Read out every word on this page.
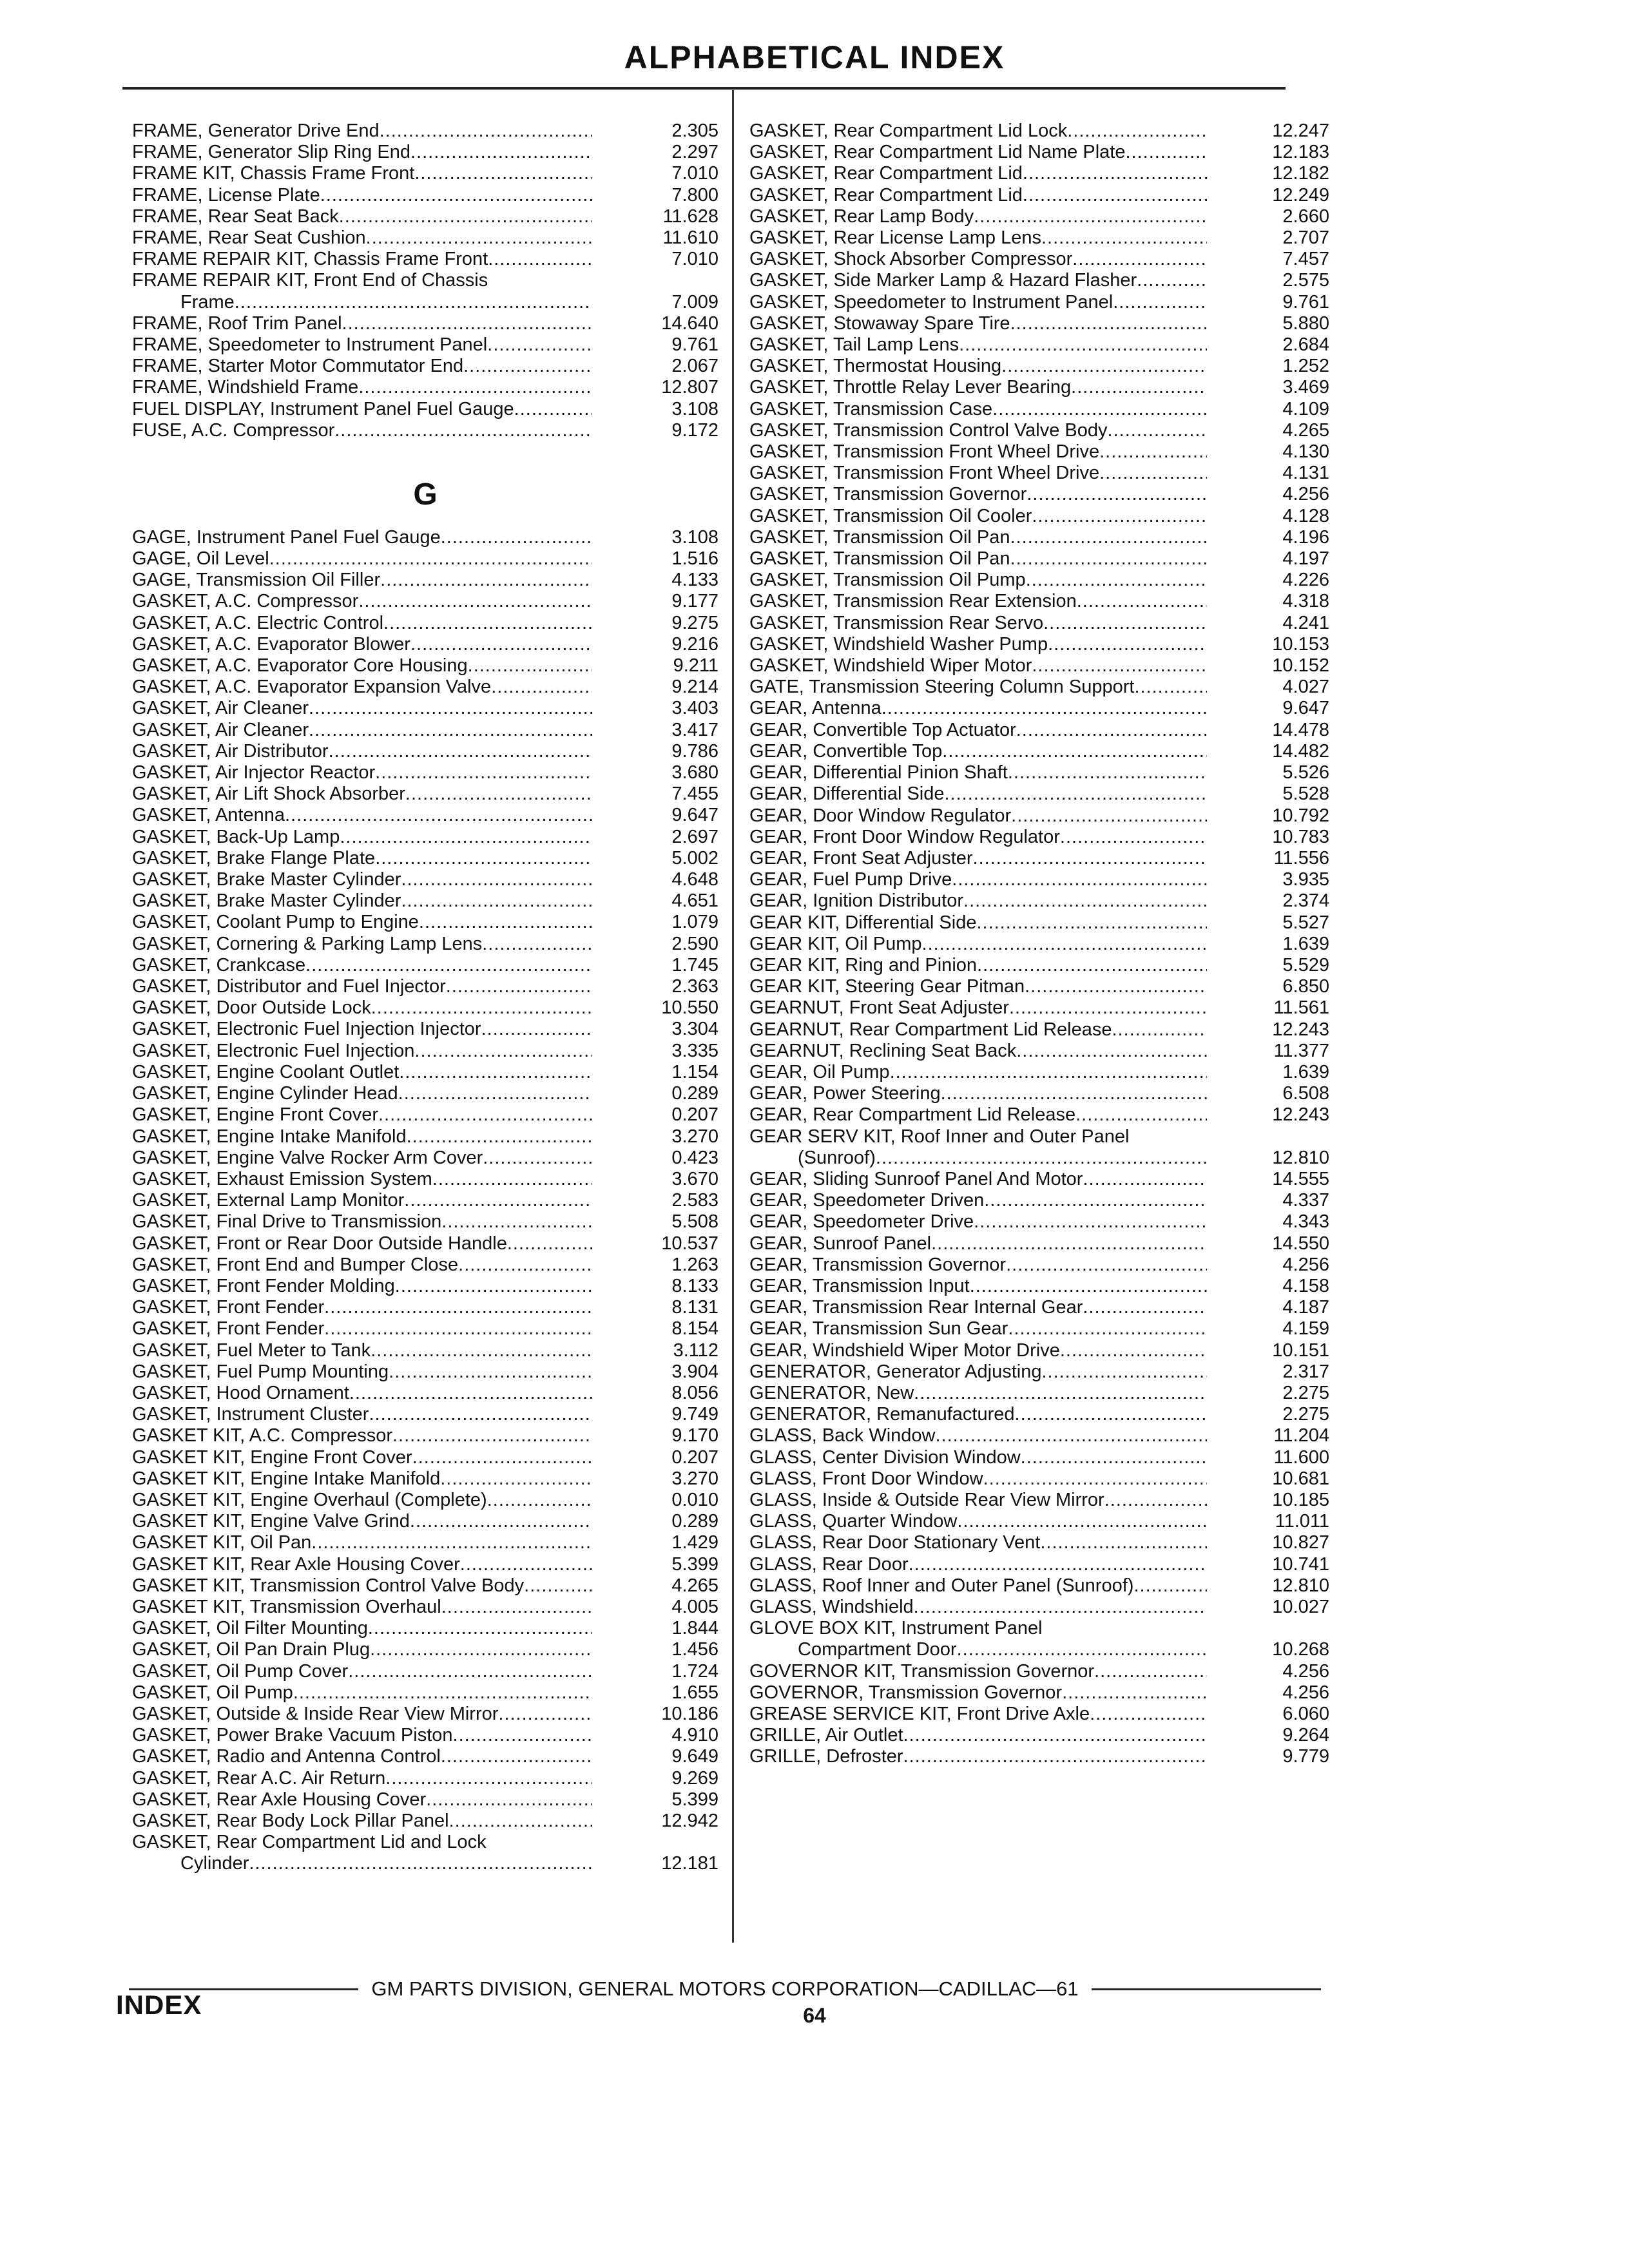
ALPHABETICAL INDEX
FRAME, Generator Drive End .....	2.305
FRAME, Generator Slip Ring End .....	2.297
FRAME KIT, Chassis Frame Front .....	7.010
FRAME, License Plate .....	7.800
FRAME, Rear Seat Back .....	11.628
FRAME, Rear Seat Cushion .....	11.610
FRAME REPAIR KIT, Chassis Frame Front .....	7.010
FRAME REPAIR KIT, Front End of Chassis
Frame .....	7.009
FRAME, Roof Trim Panel .....	14.640
FRAME, Speedometer to Instrument Panel .....	9.761
FRAME, Starter Motor Commutator End .....	2.067
FRAME, Windshield Frame .....	12.807
FUEL DISPLAY, Instrument Panel Fuel Gauge .....	3.108
FUSE, A.C. Compressor .....	9.172
G
GAGE, Instrument Panel Fuel Gauge .....	3.108
GAGE, Oil Level .....	1.516
GAGE, Transmission Oil Filler .....	4.133
GASKET, A.C. Compressor .....	9.177
GASKET, A.C. Electric Control .....	9.275
GASKET, A.C. Evaporator Blower .....	9.216
GASKET, A.C. Evaporator Core Housing .....	9.211
GASKET, A.C. Evaporator Expansion Valve .....	9.214
GASKET, Air Cleaner .....	3.403
GASKET, Air Cleaner .....	3.417
GASKET, Air Distributor .....	9.786
GASKET, Air Injector Reactor .....	3.680
GASKET, Air Lift Shock Absorber .....	7.455
GASKET, Antenna .....	9.647
GASKET, Back-Up Lamp .....	2.697
GASKET, Brake Flange Plate .....	5.002
GASKET, Brake Master Cylinder .....	4.648
GASKET, Brake Master Cylinder .....	4.651
GASKET, Coolant Pump to Engine .....	1.079
GASKET, Cornering & Parking Lamp Lens .....	2.590
GASKET, Crankcase .....	1.745
GASKET, Distributor and Fuel Injector .....	2.363
GASKET, Door Outside Lock .....	10.550
GASKET, Electronic Fuel Injection Injector .....	3.304
GASKET, Electronic Fuel Injection .....	3.335
GASKET, Engine Coolant Outlet .....	1.154
GASKET, Engine Cylinder Head .....	0.289
GASKET, Engine Front Cover .....	0.207
GASKET, Engine Intake Manifold .....	3.270
GASKET, Engine Valve Rocker Arm Cover .....	0.423
GASKET, Exhaust Emission System .....	3.670
GASKET, External Lamp Monitor .....	2.583
GASKET, Final Drive to Transmission .....	5.508
GASKET, Front or Rear Door Outside Handle .....	10.537
GASKET, Front End and Bumper Close .....	1.263
GASKET, Front Fender Molding .....	8.133
GASKET, Front Fender .....	8.131
GASKET, Front Fender .....	8.154
GASKET, Fuel Meter to Tank .....	3.112
GASKET, Fuel Pump Mounting .....	3.904
GASKET, Hood Ornament .....	8.056
GASKET, Instrument Cluster .....	9.749
GASKET KIT, A.C. Compressor .....	9.170
GASKET KIT, Engine Front Cover .....	0.207
GASKET KIT, Engine Intake Manifold .....	3.270
GASKET KIT, Engine Overhaul (Complete) .....	0.010
GASKET KIT, Engine Valve Grind .....	0.289
GASKET KIT, Oil Pan .....	1.429
GASKET KIT, Rear Axle Housing Cover .....	5.399
GASKET KIT, Transmission Control Valve Body .....	4.265
GASKET KIT, Transmission Overhaul .....	4.005
GASKET, Oil Filter Mounting .....	1.844
GASKET, Oil Pan Drain Plug .....	1.456
GASKET, Oil Pump Cover .....	1.724
GASKET, Oil Pump .....	1.655
GASKET, Outside & Inside Rear View Mirror .....	10.186
GASKET, Power Brake Vacuum Piston .....	4.910
GASKET, Radio and Antenna Control .....	9.649
GASKET, Rear A.C. Air Return .....	9.269
GASKET, Rear Axle Housing Cover .....	5.399
GASKET, Rear Body Lock Pillar Panel .....	12.942
GASKET, Rear Compartment Lid and Lock
Cylinder .....	12.181
GASKET, Rear Compartment Lid Lock .....	12.247
GASKET, Rear Compartment Lid Name Plate .....	12.183
GASKET, Rear Compartment Lid .....	12.182
GASKET, Rear Compartment Lid .....	12.249
GASKET, Rear Lamp Body .....	2.660
GASKET, Rear License Lamp Lens .....	2.707
GASKET, Shock Absorber Compressor .....	7.457
GASKET, Side Marker Lamp & Hazard Flasher .....	2.575
GASKET, Speedometer to Instrument Panel .....	9.761
GASKET, Stowaway Spare Tire .....	5.880
GASKET, Tail Lamp Lens .....	2.684
GASKET, Thermostat Housing .....	1.252
GASKET, Throttle Relay Lever Bearing .....	3.469
GASKET, Transmission Case .....	4.109
GASKET, Transmission Control Valve Body .....	4.265
GASKET, Transmission Front Wheel Drive .....	4.130
GASKET, Transmission Front Wheel Drive .....	4.131
GASKET, Transmission Governor .....	4.256
GASKET, Transmission Oil Cooler .....	4.128
GASKET, Transmission Oil Pan .....	4.196
GASKET, Transmission Oil Pan .....	4.197
GASKET, Transmission Oil Pump .....	4.226
GASKET, Transmission Rear Extension .....	4.318
GASKET, Transmission Rear Servo .....	4.241
GASKET, Windshield Washer Pump .....	10.153
GASKET, Windshield Wiper Motor .....	10.152
GATE, Transmission Steering Column Support .....	4.027
GEAR, Antenna .....	9.647
GEAR, Convertible Top Actuator .....	14.478
GEAR, Convertible Top .....	14.482
GEAR, Differential Pinion Shaft .....	5.526
GEAR, Differential Side .....	5.528
GEAR, Door Window Regulator .....	10.792
GEAR, Front Door Window Regulator .....	10.783
GEAR, Front Seat Adjuster .....	11.556
GEAR, Fuel Pump Drive .....	3.935
GEAR, Ignition Distributor .....	2.374
GEAR KIT, Differential Side .....	5.527
GEAR KIT, Oil Pump .....	1.639
GEAR KIT, Ring and Pinion .....	5.529
GEAR KIT, Steering Gear Pitman .....	6.850
GEARNUT, Front Seat Adjuster .....	11.561
GEARNUT, Rear Compartment Lid Release .....	12.243
GEARNUT, Reclining Seat Back .....	11.377
GEAR, Oil Pump .....	1.639
GEAR, Power Steering .....	6.508
GEAR, Rear Compartment Lid Release .....	12.243
GEAR SERV KIT, Roof Inner and Outer Panel
(Sunroof) .....	12.810
GEAR, Sliding Sunroof Panel And Motor .....	14.555
GEAR, Speedometer Driven .....	4.337
GEAR, Speedometer Drive .....	4.343
GEAR, Sunroof Panel .....	14.550
GEAR, Transmission Governor .....	4.256
GEAR, Transmission Input .....	4.158
GEAR, Transmission Rear Internal Gear .....	4.187
GEAR, Transmission Sun Gear .....	4.159
GEAR, Windshield Wiper Motor Drive .....	10.151
GENERATOR, Generator Adjusting .....	2.317
GENERATOR, New .....	2.275
GENERATOR, Remanufactured .....	2.275
GLASS, Back Window .....	11.204
GLASS, Center Division Window .....	11.600
GLASS, Front Door Window .....	10.681
GLASS, Inside & Outside Rear View Mirror .....	10.185
GLASS, Quarter Window .....	11.011
GLASS, Rear Door Stationary Vent .....	10.827
GLASS, Rear Door .....	10.741
GLASS, Roof Inner and Outer Panel (Sunroof) .....	12.810
GLASS, Windshield .....	10.027
GLOVE BOX KIT, Instrument Panel
Compartment Door .....	10.268
GOVERNOR KIT, Transmission Governor .....	4.256
GOVERNOR, Transmission Governor .....	4.256
GREASE SERVICE KIT, Front Drive Axle .....	6.060
GRILLE, Air Outlet .....	9.264
GRILLE, Defroster .....	9.779
GM PARTS DIVISION, GENERAL MOTORS CORPORATION—CADILLAC—61
INDEX	64
